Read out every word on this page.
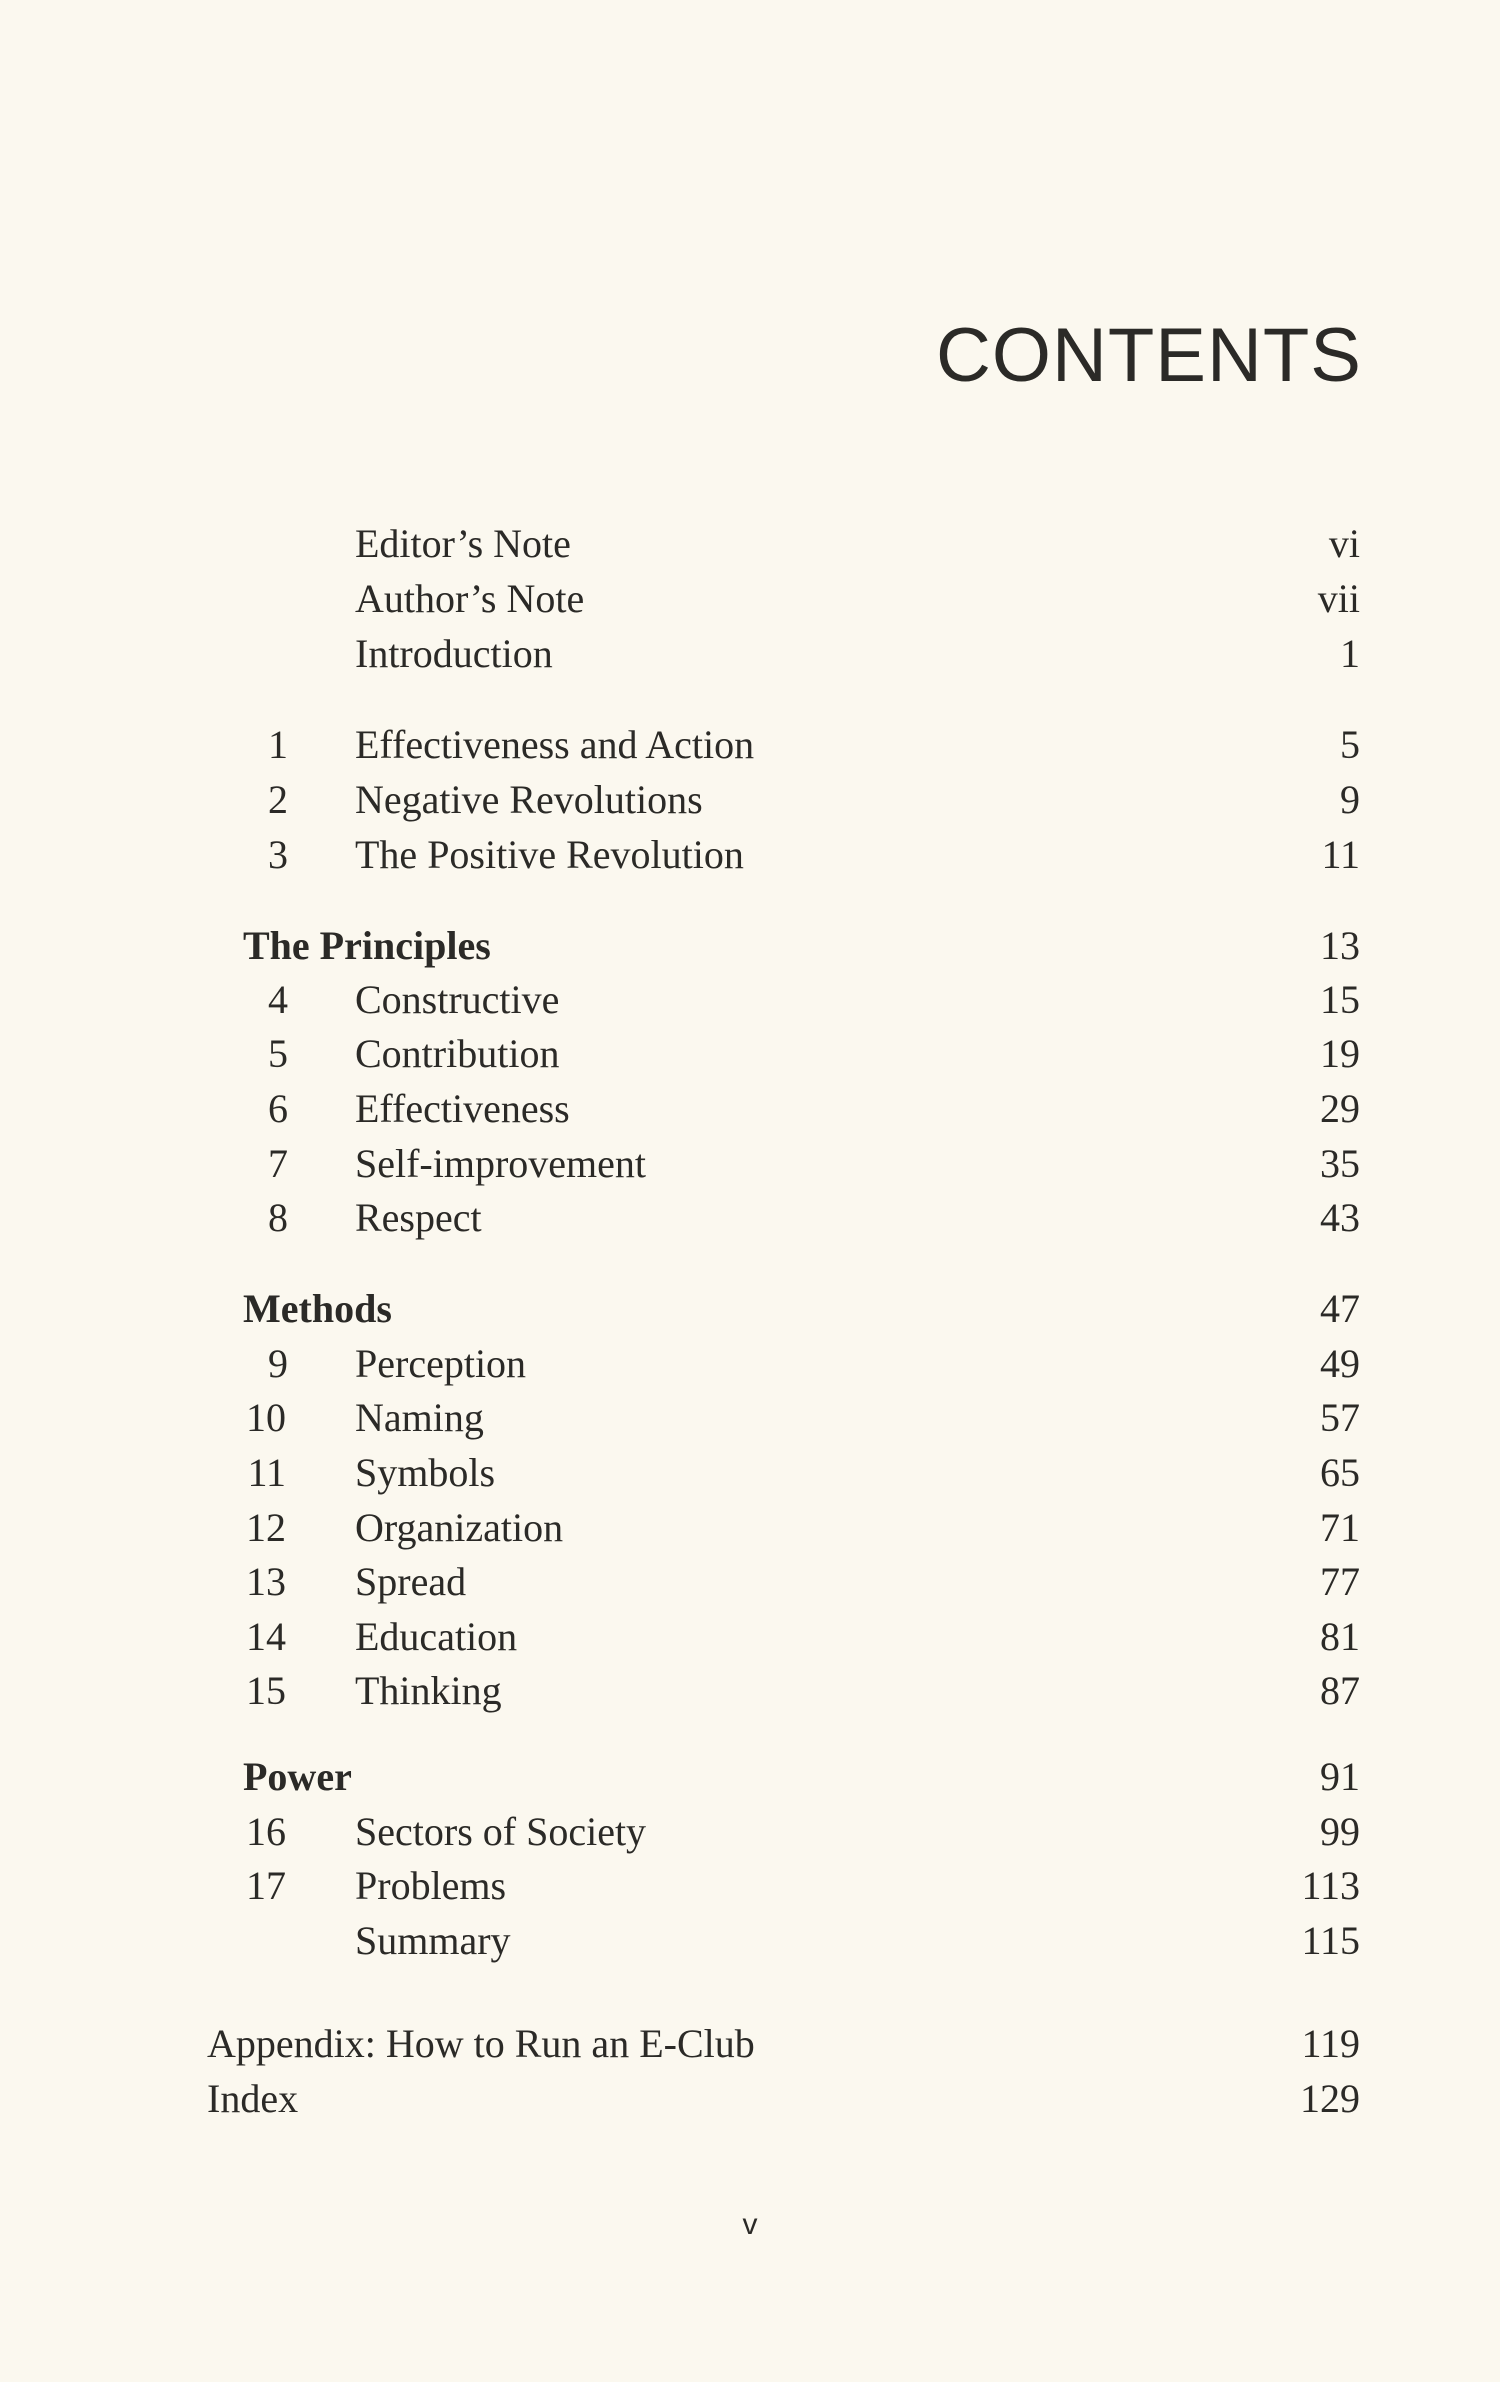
CONTENTS
Editor’s Note	vi
Author’s Note	vii
Introduction	1
1 Effectiveness and Action	5
2 Negative Revolutions	9
3 The Positive Revolution	11
The Principles	13
4 Constructive	15
5 Contribution	19
6 Effectiveness	29
7 Self-improvement	35
8 Respect	43
Methods	47
9 Perception	49
10 Naming	57
11 Symbols	65
12 Organization	71
13 Spread	77
14 Education	81
15 Thinking	87
Power	91
16 Sectors of Society	99
17 Problems	113
Summary	115
Appendix: How to Run an E-Club	119
Index	129
v
